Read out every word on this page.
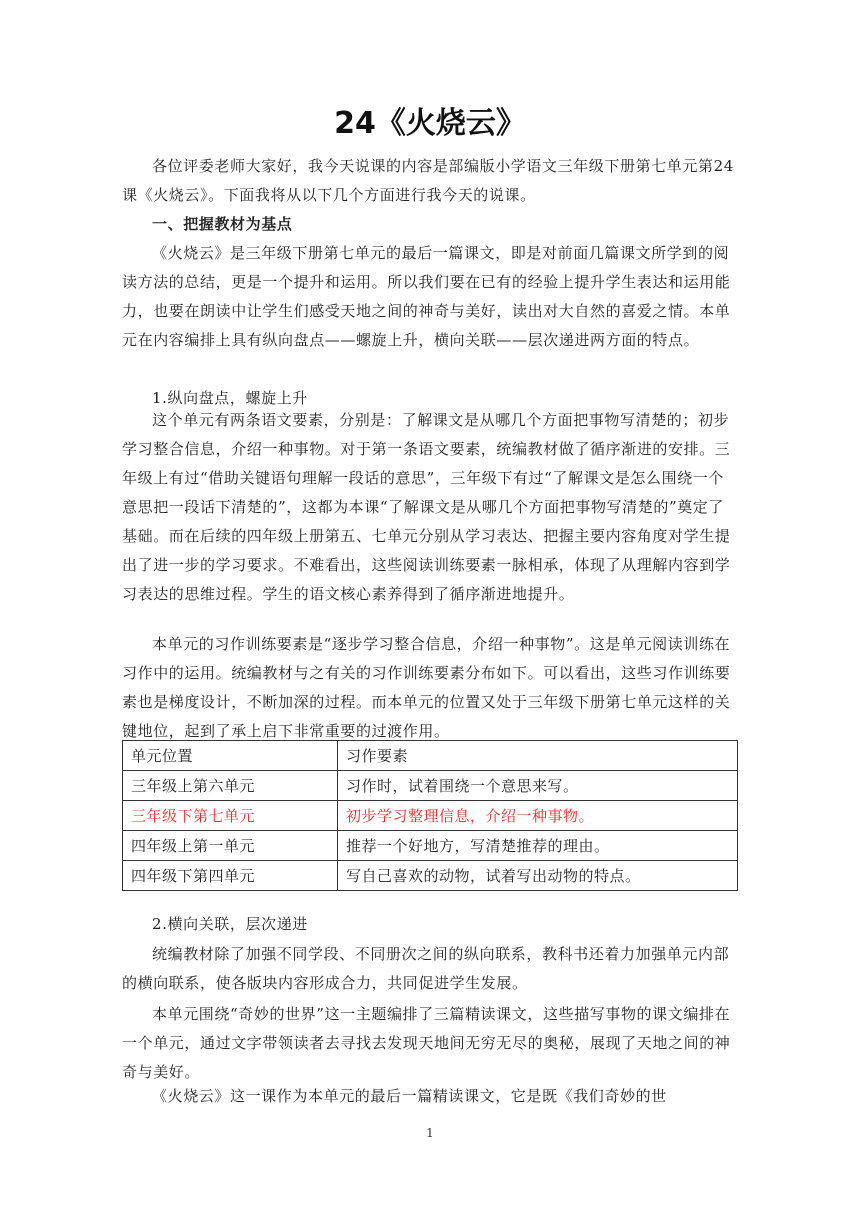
24《火烧云》

各位评委老师大家好，我今天说课的内容是部编版小学语文三年级下册第七单元第24课《火烧云》。下面我将从以下几个方面进行我今天的说课。

一、把握教材为基点

《火烧云》是三年级下册第七单元的最后一篇课文，即是对前面几篇课文所学到的阅读方法的总结，更是一个提升和运用。所以我们要在已有的经验上提升学生表达和运用能力，也要在朗读中让学生们感受天地之间的神奇与美好，读出对大自然的喜爱之情。本单元在内容编排上具有纵向盘点——螺旋上升，横向关联——层次递进两方面的特点。

1.纵向盘点，螺旋上升

这个单元有两条语文要素，分别是：了解课文是从哪几个方面把事物写清楚的；初步学习整合信息，介绍一种事物。对于第一条语文要素，统编教材做了循序渐进的安排。三年级上有过“借助关键语句理解一段话的意思”，三年级下有过“了解课文是怎么围绕一个意思把一段话下清楚的”，这都为本课“了解课文是从哪几个方面把事物写清楚的”奠定了基础。而在后续的四年级上册第五、七单元分别从学习表达、把握主要内容角度对学生提出了进一步的学习要求。不难看出，这些阅读训练要素一脉相承，体现了从理解内容到学习表达的思维过程。学生的语文核心素养得到了循序渐进地提升。

本单元的习作训练要素是“逐步学习整合信息，介绍一种事物”。这是单元阅读训练在习作中的运用。统编教材与之有关的习作训练要素分布如下。可以看出，这些习作训练要素也是梯度设计，不断加深的过程。而本单元的位置又处于三年级下册第七单元这样的关键地位，起到了承上启下非常重要的过渡作用。

单元位置	习作要素
三年级上第六单元	习作时，试着围绕一个意思来写。
三年级下第七单元	初步学习整理信息，介绍一种事物。
四年级上第一单元	推荐一个好地方，写清楚推荐的理由。
四年级下第四单元	写自己喜欢的动物，试着写出动物的特点。

2.横向关联，层次递进

统编教材除了加强不同学段、不同册次之间的纵向联系，教科书还着力加强单元内部的横向联系，使各版块内容形成合力，共同促进学生发展。

本单元围绕“奇妙的世界”这一主题编排了三篇精读课文，这些描写事物的课文编排在一个单元，通过文字带领读者去寻找去发现天地间无穷无尽的奥秘，展现了天地之间的神奇与美好。

《火烧云》这一课作为本单元的最后一篇精读课文，它是既《我们奇妙的世

1
